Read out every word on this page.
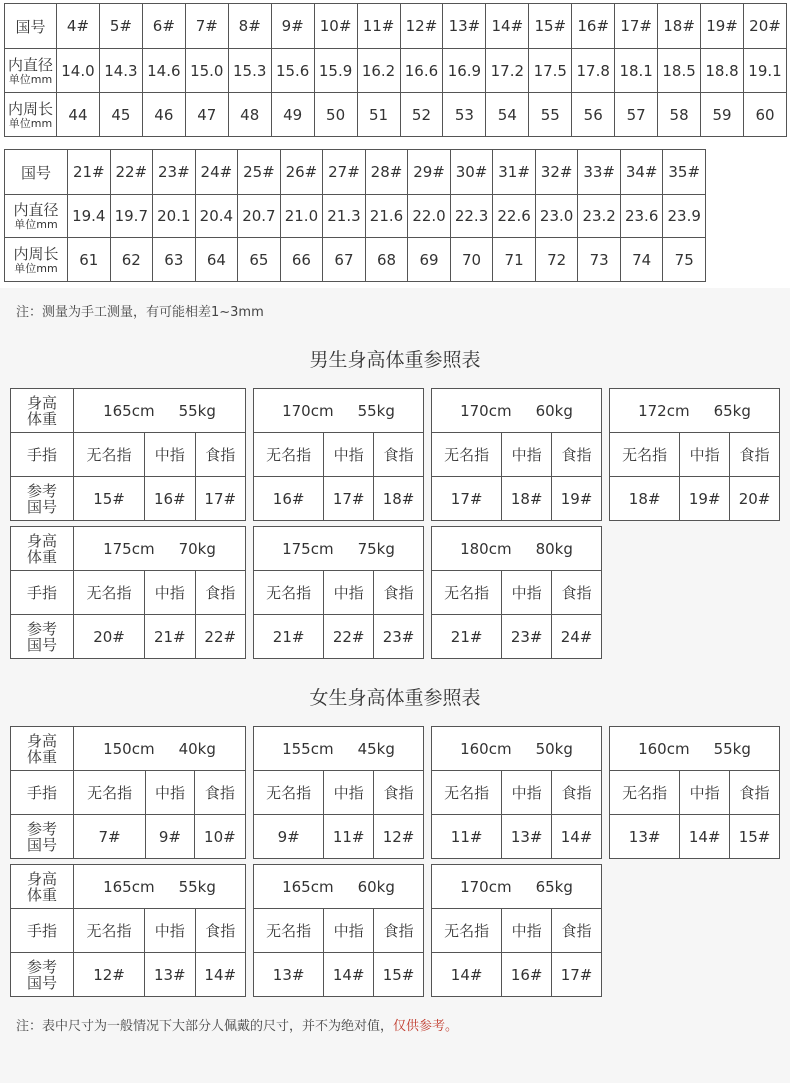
国号	4#	5#	6#	7#	8#	9#	10#	11#	12#	13#	14#	15#	16#	17#	18#	19#	20#
内直径
单位mm	14.0	14.3	14.6	15.0	15.3	15.6	15.9	16.2	16.6	16.9	17.2	17.5	17.8	18.1	18.5	18.8	19.1
内周长
单位mm	44	45	46	47	48	49	50	51	52	53	54	55	56	57	58	59	60
国号	21#	22#	23#	24#	25#	26#	27#	28#	29#	30#	31#	32#	33#	34#	35#
内直径
单位mm	19.4	19.7	20.1	20.4	20.7	21.0	21.3	21.6	22.0	22.3	22.6	23.0	23.2	23.6	23.9
内周长
单位mm	61	62	63	64	65	66	67	68	69	70	71	72	73	74	75
注：测量为手工测量，有可能相差1~3mm
男生身高体重参照表
身高
体重	165cm 55kg		
手指	无名指	中指	食指
参考
国号	15#	16#	17#
170cm 55kg		
无名指	中指	食指
16#	17#	18#
170cm 60kg		
无名指	中指	食指
17#	18#	19#
172cm 65kg		
无名指	中指	食指
18#	19#	20#
身高
体重	175cm 70kg		
手指	无名指	中指	食指
参考
国号	20#	21#	22#
175cm 75kg		
无名指	中指	食指
21#	22#	23#
180cm 80kg		
无名指	中指	食指
21#	23#	24#
女生身高体重参照表
身高
体重	150cm 40kg		
手指	无名指	中指	食指
参考
国号	7#	9#	10#
155cm 45kg		
无名指	中指	食指
9#	11#	12#
160cm 50kg		
无名指	中指	食指
11#	13#	14#
160cm 55kg		
无名指	中指	食指
13#	14#	15#
身高
体重	165cm 55kg		
手指	无名指	中指	食指
参考
国号	12#	13#	14#
165cm 60kg		
无名指	中指	食指
13#	14#	15#
170cm 65kg		
无名指	中指	食指
14#	16#	17#
注：表中尺寸为一般情况下大部分人佩戴的尺寸，并不为绝对值，仅供参考。
